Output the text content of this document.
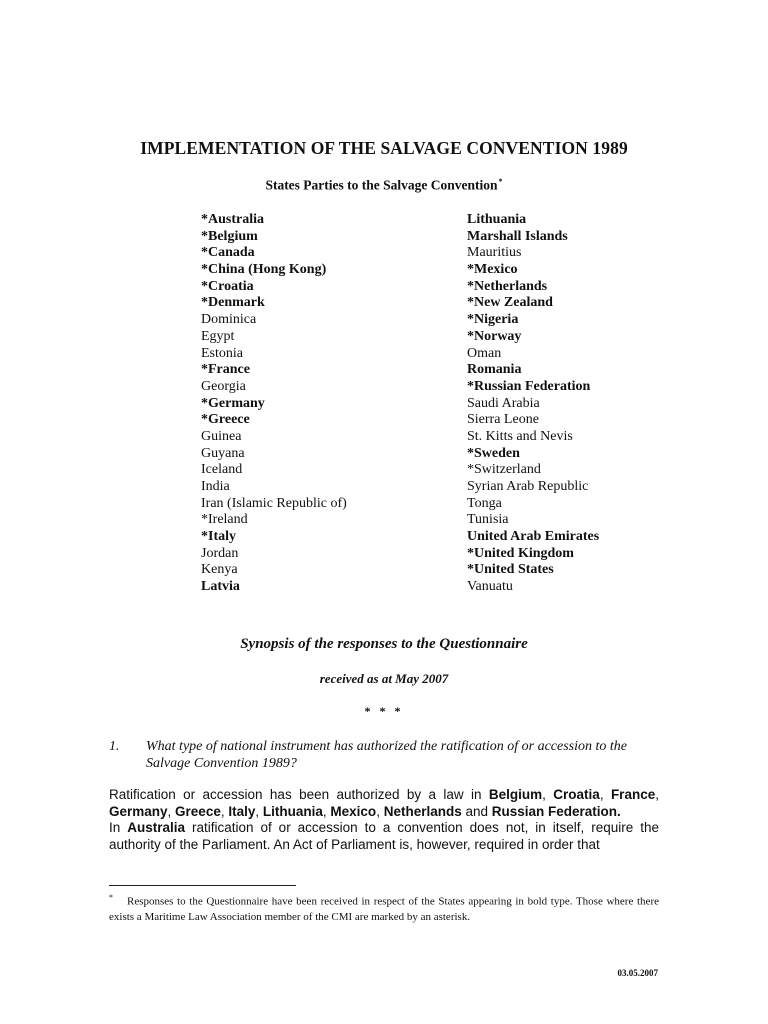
IMPLEMENTATION OF THE SALVAGE CONVENTION 1989
States Parties to the Salvage Convention*
*Australia
*Belgium
*Canada
*China (Hong Kong)
*Croatia
*Denmark
Dominica
Egypt
Estonia
*France
Georgia
*Germany
*Greece
Guinea
Guyana
Iceland
India
Iran (Islamic Republic of)
*Ireland
*Italy
Jordan
Kenya
Latvia
Lithuania
Marshall Islands
Mauritius
*Mexico
*Netherlands
*New Zealand
*Nigeria
*Norway
Oman
Romania
*Russian Federation
Saudi Arabia
Sierra Leone
St. Kitts and Nevis
*Sweden
*Switzerland
Syrian Arab Republic
Tonga
Tunisia
United Arab Emirates
*United Kingdom
*United States
Vanuatu
Synopsis of the responses to the Questionnaire
received as at May 2007
* * *
1. What type of national instrument has authorized the ratification of or accession to the Salvage Convention 1989?

Ratification or accession has been authorized by a law in Belgium, Croatia, France, Germany, Greece, Italy, Lithuania, Mexico, Netherlands and Russian Federation.

In Australia ratification of or accession to a convention does not, in itself, require the authority of the Parliament. An Act of Parliament is, however, required in order that

* Responses to the Questionnaire have been received in respect of the States appearing in bold type. Those where there exists a Maritime Law Association member of the CMI are marked by an asterisk.
03.05.2007
